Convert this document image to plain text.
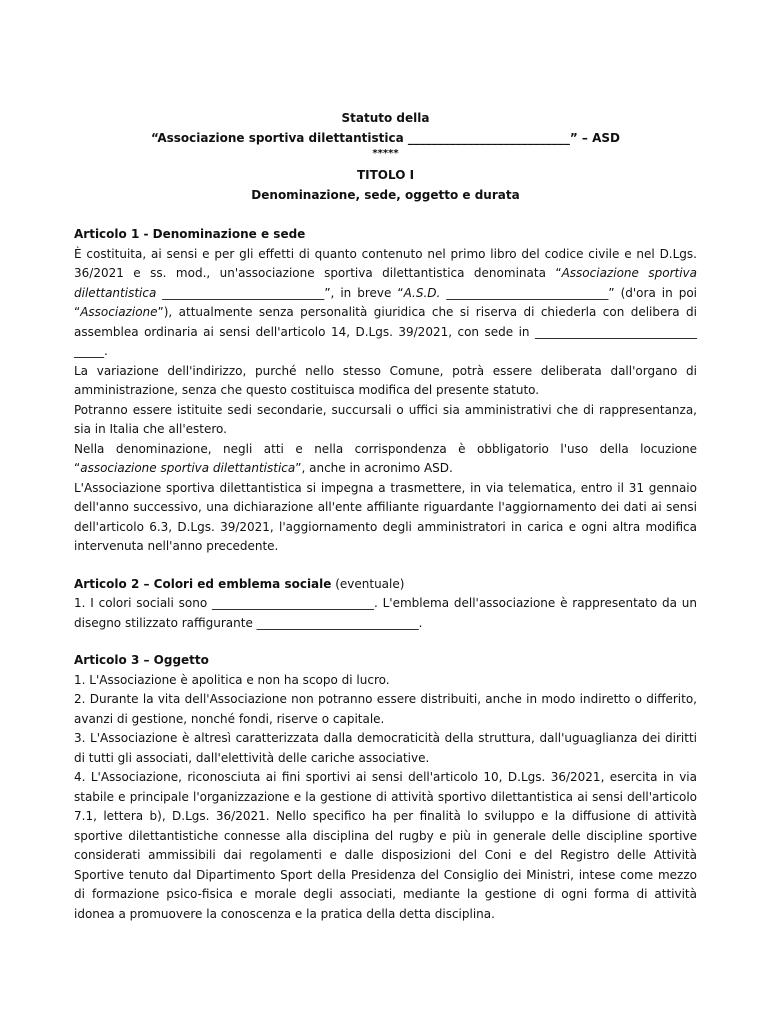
Statuto della
“Associazione sportiva dilettantistica ___________________________” – ASD
*****
TITOLO I
Denominazione, sede, oggetto e durata
Articolo 1 - Denominazione e sede

È costituita, ai sensi e per gli effetti di quanto contenuto nel primo libro del codice civile e nel D.Lgs. 36/2021 e ss. mod., un'associazione sportiva dilettantistica denominata “Associazione sportiva dilettantistica ___________________________”, in breve “A.S.D. ___________________________” (d'ora in poi “Associazione”), attualmente senza personalità giuridica che si riserva di chiederla con delibera di assemblea ordinaria ai sensi dell'articolo 14, D.Lgs. 39/2021, con sede in ___________________________ _____.

La variazione dell'indirizzo, purché nello stesso Comune, potrà essere deliberata dall'organo di amministrazione, senza che questo costituisca modifica del presente statuto.

Potranno essere istituite sedi secondarie, succursali o uffici sia amministrativi che di rappresentanza, sia in Italia che all'estero.

Nella denominazione, negli atti e nella corrispondenza è obbligatorio l'uso della locuzione “associazione sportiva dilettantistica”, anche in acronimo ASD.

L'Associazione sportiva dilettantistica si impegna a trasmettere, in via telematica, entro il 31 gennaio dell'anno successivo, una dichiarazione all'ente affiliante riguardante l'aggiornamento dei dati ai sensi dell'articolo 6.3, D.Lgs. 39/2021, l'aggiornamento degli amministratori in carica e ogni altra modifica intervenuta nell'anno precedente.

Articolo 2 – Colori ed emblema sociale (eventuale)

1. I colori sociali sono ___________________________. L'emblema dell'associazione è rappresentato da un disegno stilizzato raffigurante ___________________________.

Articolo 3 – Oggetto

1. L'Associazione è apolitica e non ha scopo di lucro.

2. Durante la vita dell'Associazione non potranno essere distribuiti, anche in modo indiretto o differito, avanzi di gestione, nonché fondi, riserve o capitale.

3. L'Associazione è altresì caratterizzata dalla democraticità della struttura, dall'uguaglianza dei diritti di tutti gli associati, dall'elettività delle cariche associative.

4. L'Associazione, riconosciuta ai fini sportivi ai sensi dell'articolo 10, D.Lgs. 36/2021, esercita in via stabile e principale l'organizzazione e la gestione di attività sportivo dilettantistica ai sensi dell'articolo 7.1, lettera b), D.Lgs. 36/2021. Nello specifico ha per finalità lo sviluppo e la diffusione di attività sportive dilettantistiche connesse alla disciplina del rugby e più in generale delle discipline sportive considerati ammissibili dai regolamenti e dalle disposizioni del Coni e del Registro delle Attività Sportive tenuto dal Dipartimento Sport della Presidenza del Consiglio dei Ministri, intese come mezzo di formazione psico-fisica e morale degli associati, mediante la gestione di ogni forma di attività idonea a promuovere la conoscenza e la pratica della detta disciplina.
